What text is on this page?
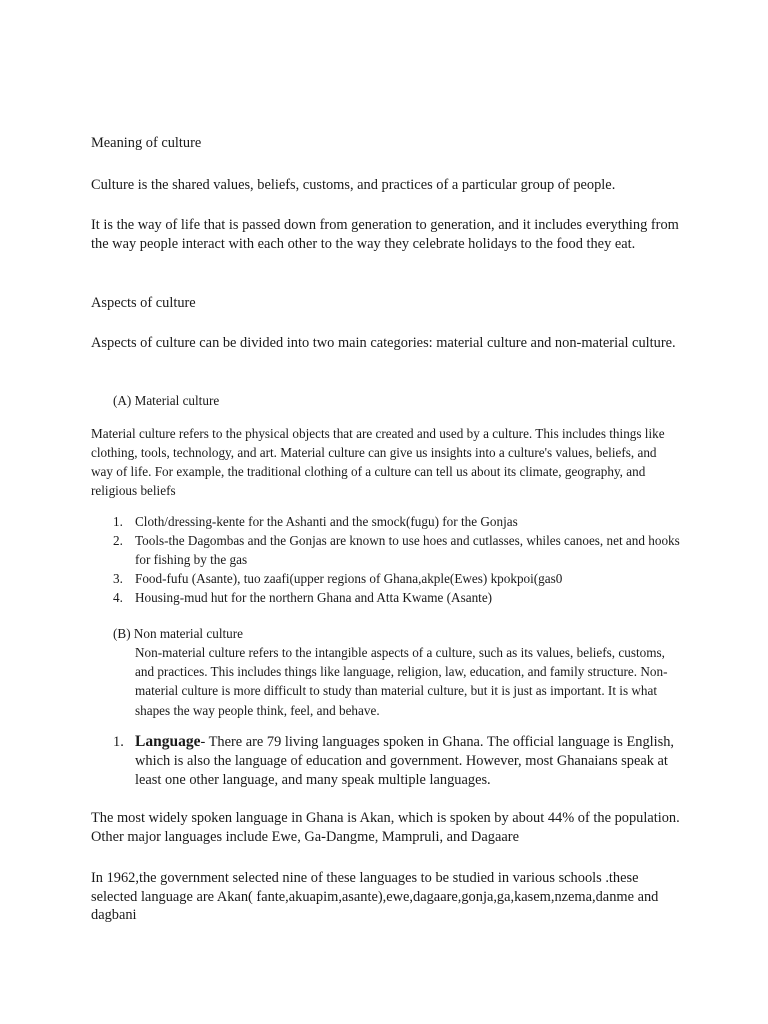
Meaning of culture

Culture is the shared values, beliefs, customs, and practices of a particular group of people.

It is the way of life that is passed down from generation to generation, and it includes everything from the way people interact with each other to the way they celebrate holidays to the food they eat.

Aspects of culture

Aspects of culture can be divided into two main categories: material culture and non-material culture.

(A) Material culture

Material culture refers to the physical objects that are created and used by a culture. This includes things like clothing, tools, technology, and art. Material culture can give us insights into a culture's values, beliefs, and way of life. For example, the traditional clothing of a culture can tell us about its climate, geography, and religious beliefs

1. Cloth/dressing-kente for the Ashanti and the smock(fugu) for the Gonjas
2. Tools-the Dagombas and the Gonjas are known to use hoes and cutlasses, whiles canoes, net and hooks for fishing by the gas
3. Food-fufu (Asante), tuo zaafi(upper regions of Ghana,akple(Ewes) kpokpoi(gas0
4. Housing-mud hut for the northern Ghana and Atta Kwame (Asante)

(B) Non material culture

Non-material culture refers to the intangible aspects of a culture, such as its values, beliefs, customs, and practices. This includes things like language, religion, law, education, and family structure. Non-material culture is more difficult to study than material culture, but it is just as important. It is what shapes the way people think, feel, and behave.

1. Language- There are 79 living languages spoken in Ghana. The official language is English, which is also the language of education and government. However, most Ghanaians speak at least one other language, and many speak multiple languages.

The most widely spoken language in Ghana is Akan, which is spoken by about 44% of the population. Other major languages include Ewe, Ga-Dangme, Mampruli, and Dagaare

In 1962,the government selected nine of these languages to be studied in various schools .these selected language are Akan( fante,akuapim,asante),ewe,dagaare,gonja,ga,kasem,nzema,danme and dagbani
